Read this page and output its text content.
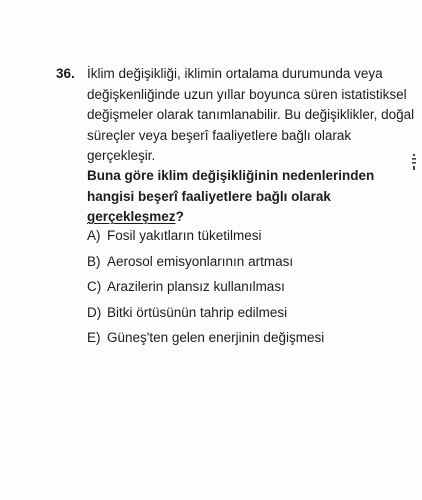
36. İklim değişikliği, iklimin ortalama durumunda veya
değişkenliğinde uzun yıllar boyunca süren istatistiksel
değişmeler olarak tanımlanabilir. Bu değişiklikler, doğal
süreçler veya beşerî faaliyetlere bağlı olarak
gerçekleşir.
Buna göre iklim değişikliğinin nedenlerinden
hangisi beşerî faaliyetlere bağlı olarak
gerçekleşmez?
A) Fosil yakıtların tüketilmesi
B) Aerosol emisyonlarının artması
C) Arazilerin plansız kullanılması
D) Bitki örtüsünün tahrip edilmesi
E) Güneş'ten gelen enerjinin değişmesi
